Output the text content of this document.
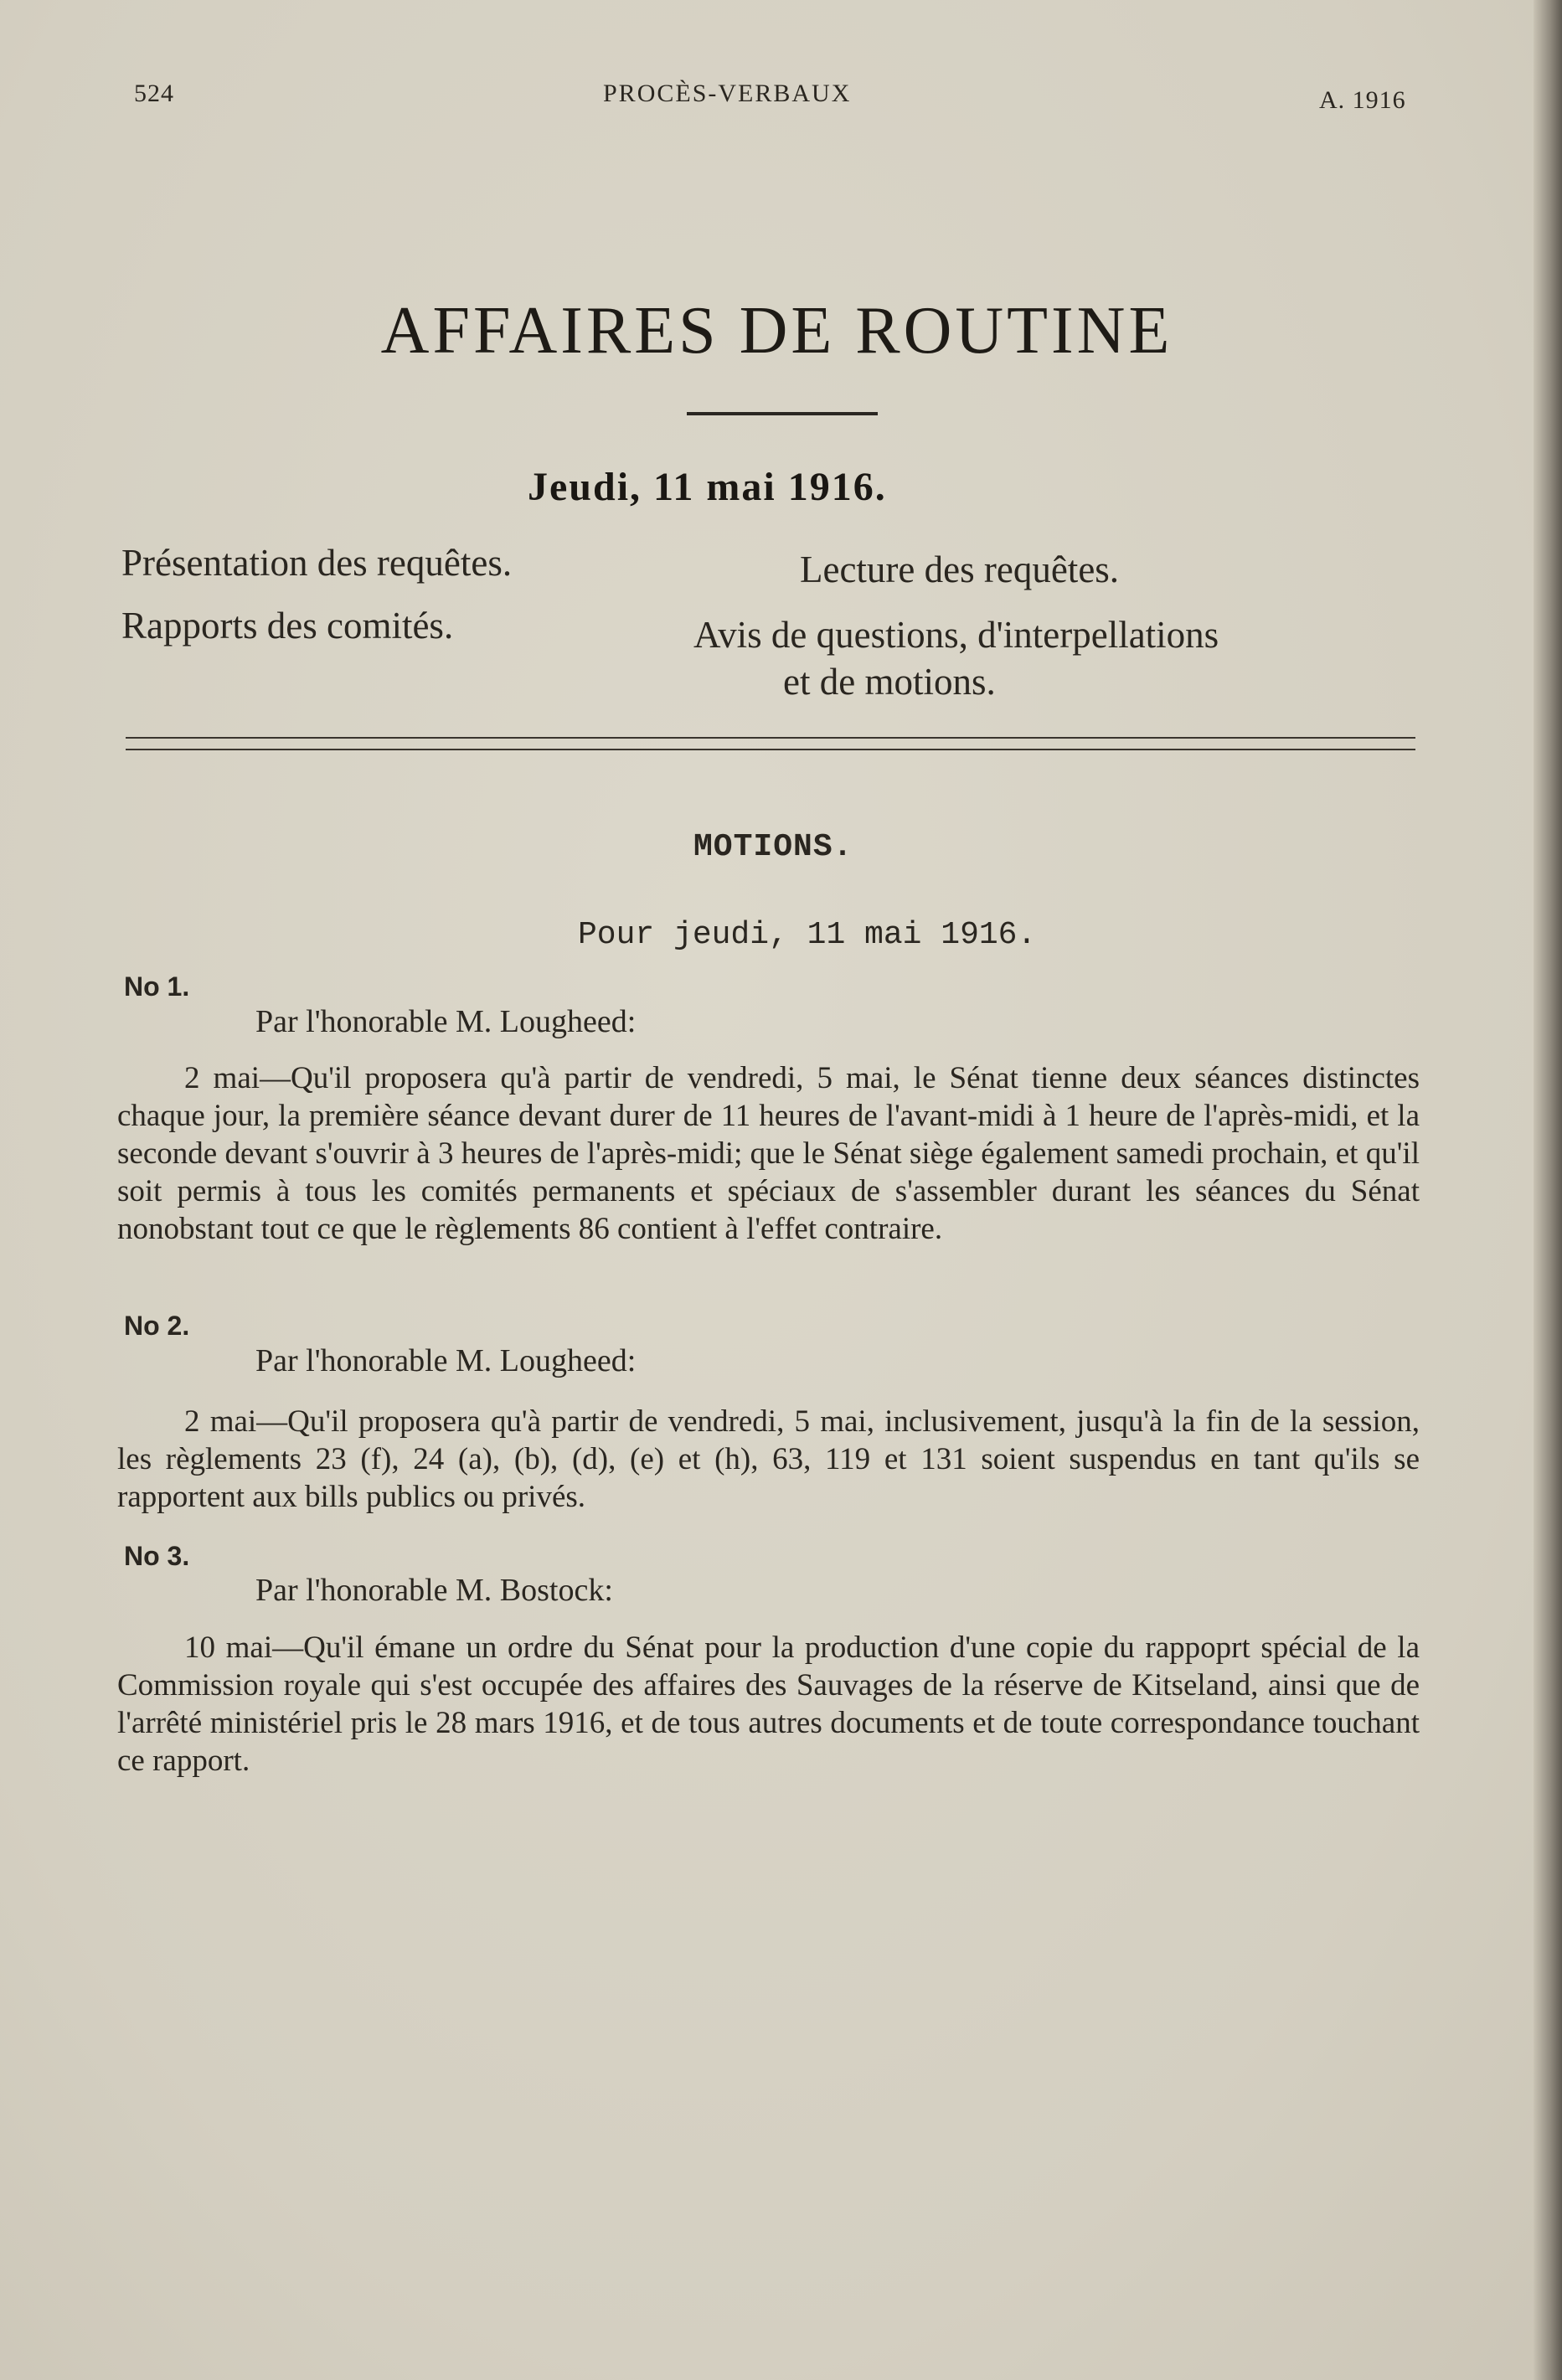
524	PROCÈS-VERBAUX	A. 1916
AFFAIRES DE ROUTINE
Jeudi, 11 mai 1916.
Présentation des requêtes.
Rapports des comités.
Lecture des requêtes.
Avis de questions, d'interpellations
et de motions.
MOTIONS.
Pour jeudi, 11 mai 1916.
No 1.
Par l'honorable M. Lougheed:

2 mai—Qu'il proposera qu'à partir de vendredi, 5 mai, le Sénat tienne deux séances distinctes chaque jour, la première séance devant durer de 11 heures de l'avant-midi à 1 heure de l'après-midi, et la seconde devant s'ouvrir à 3 heures de l'après-midi; que le Sénat siège également samedi prochain, et qu'il soit permis à tous les comités permanents et spéciaux de s'assembler durant les séances du Sénat nonobstant tout ce que le règlements 86 contient à l'effet contraire.

No 2.
Par l'honorable M. Lougheed:

2 mai—Qu'il proposera qu'à partir de vendredi, 5 mai, inclusivement, jusqu'à la fin de la session, les règlements 23 (f), 24 (a), (b), (d), (e) et (h), 63, 119 et 131 soient suspendus en tant qu'ils se rapportent aux bills publics ou privés.

No 3.
Par l'honorable M. Bostock:

10 mai—Qu'il émane un ordre du Sénat pour la production d'une copie du rappoprt spécial de la Commission royale qui s'est occupée des affaires des Sauvages de la réserve de Kitseland, ainsi que de l'arrêté ministériel pris le 28 mars 1916, et de tous autres documents et de toute correspondance touchant ce rapport.
